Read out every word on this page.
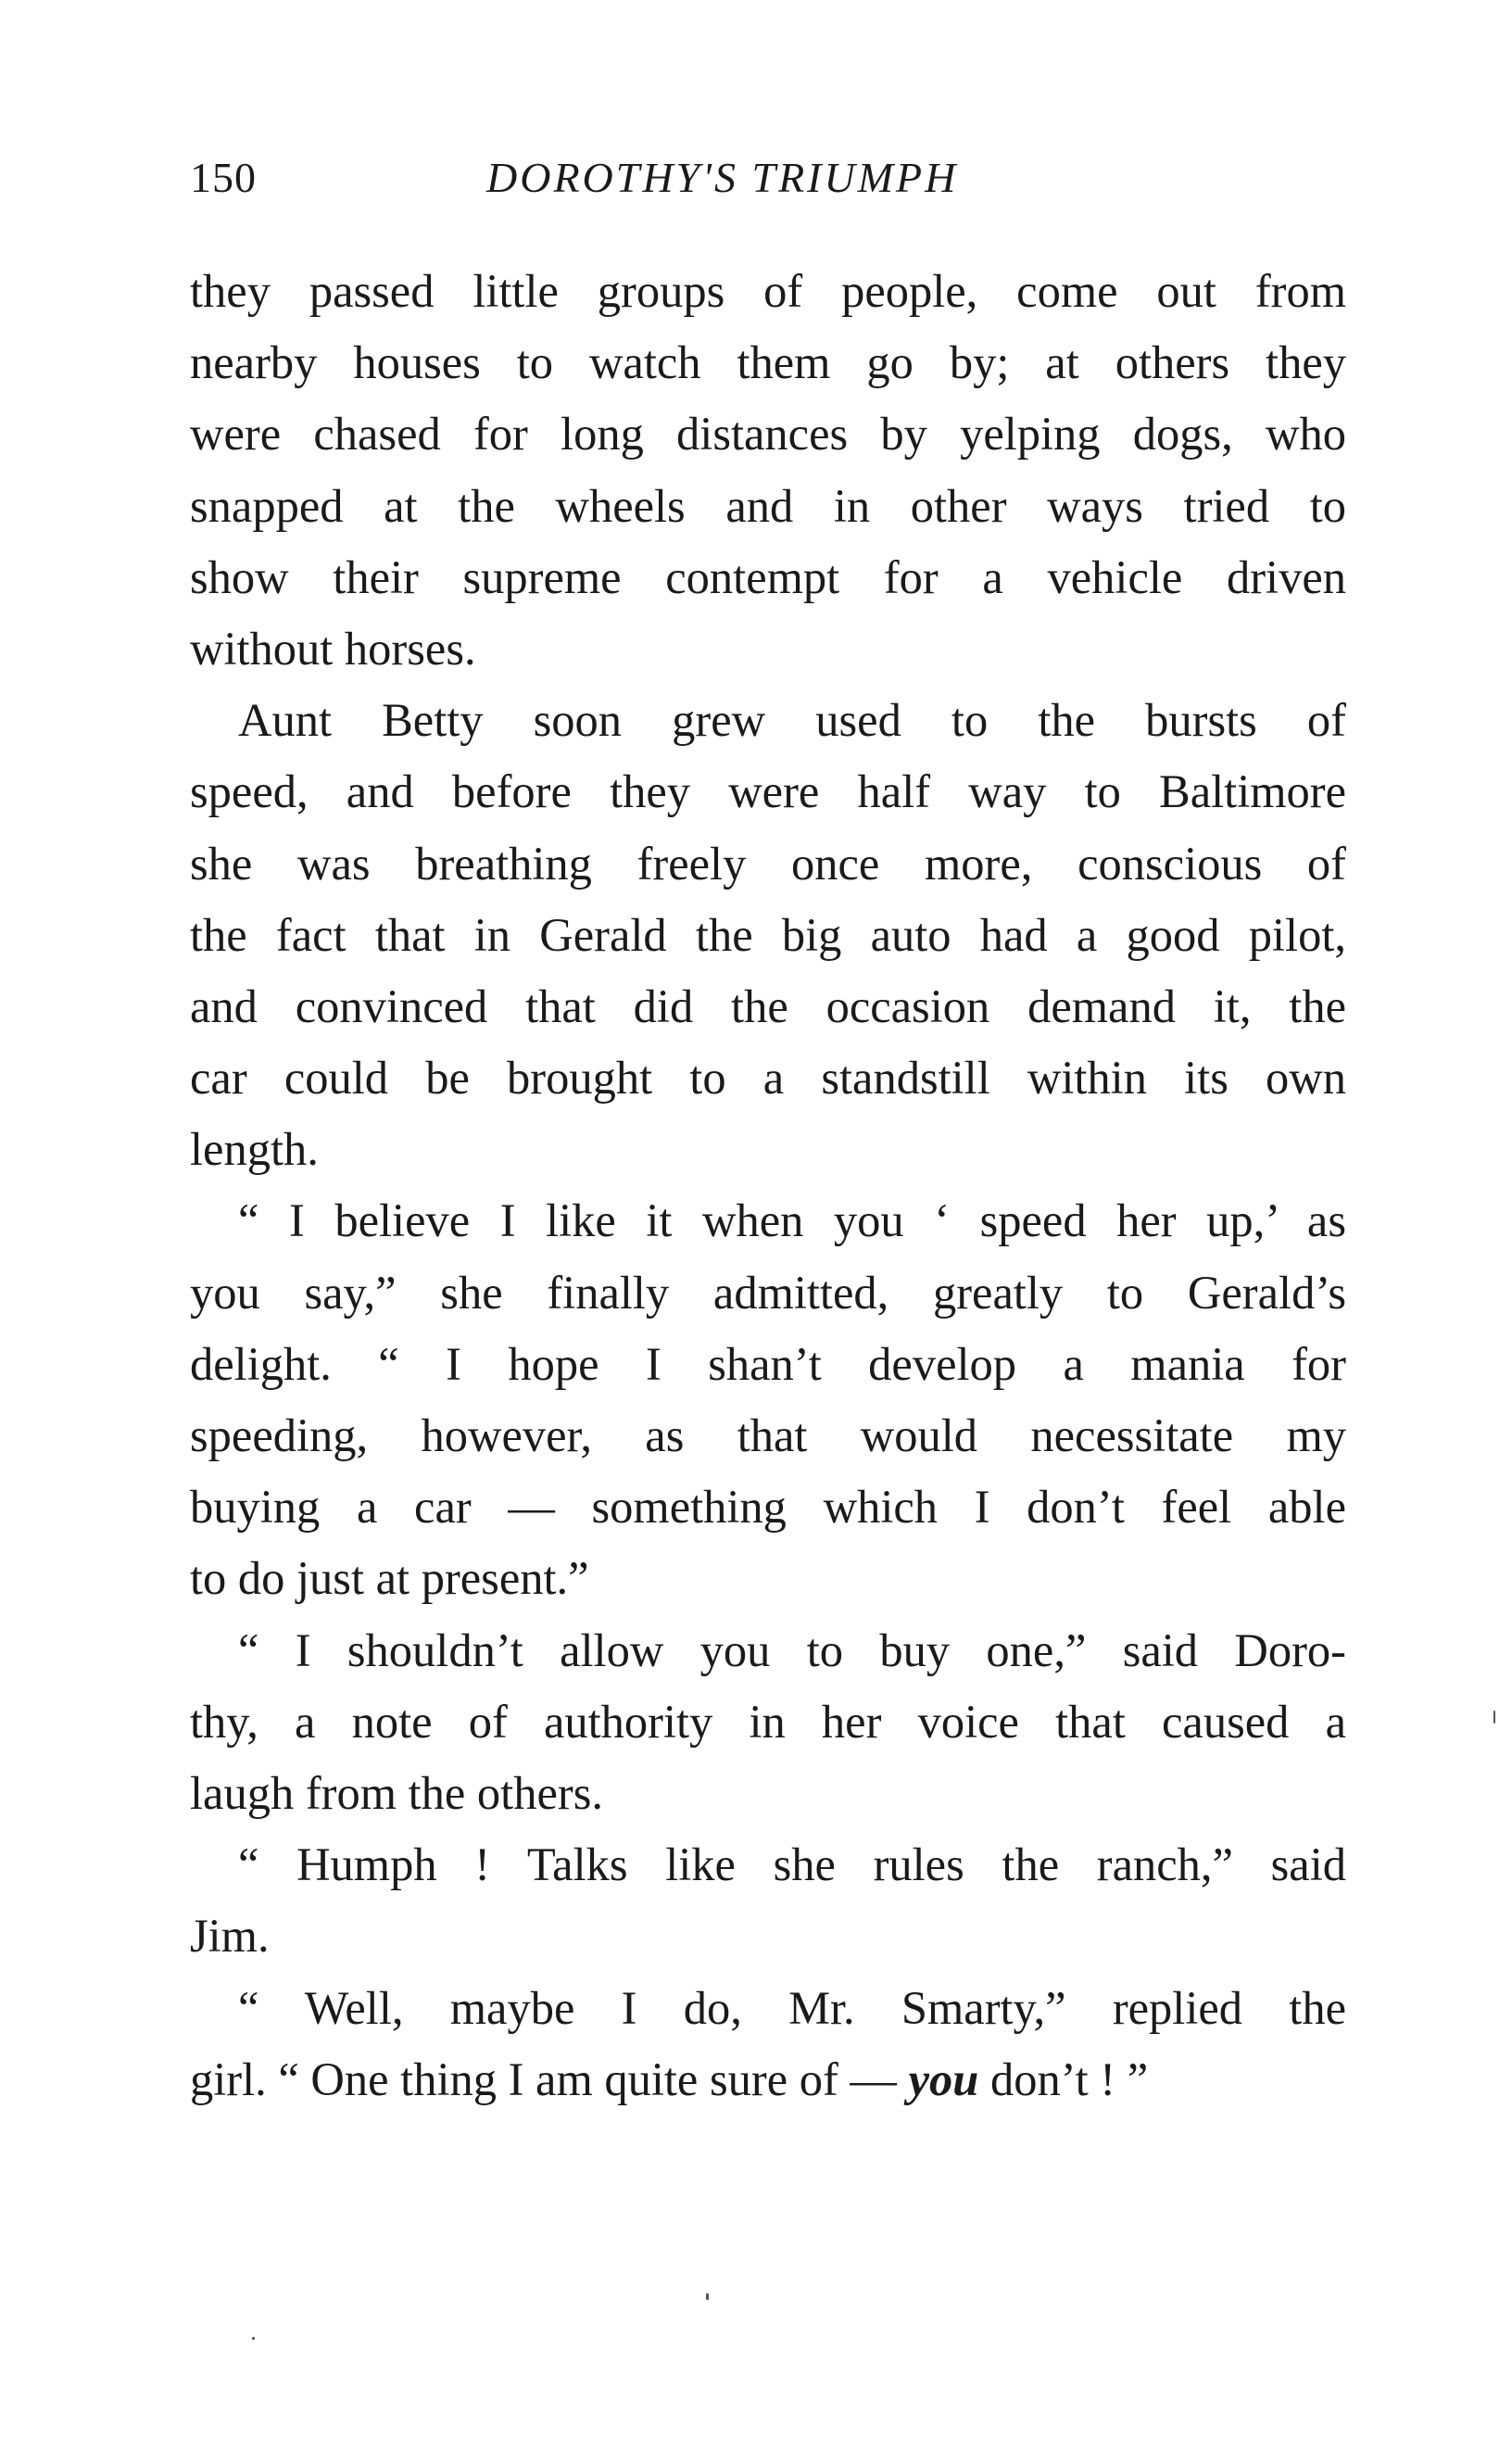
150	DOROTHY'S TRIUMPH
they passed little groups of people, come out from
nearby houses to watch them go by; at others they
were chased for long distances by yelping dogs, who
snapped at the wheels and in other ways tried to
show their supreme contempt for a vehicle driven
without horses.
Aunt Betty soon grew used to the bursts of
speed, and before they were half way to Baltimore
she was breathing freely once more, conscious of
the fact that in Gerald the big auto had a good pilot,
and convinced that did the occasion demand it, the
car could be brought to a standstill within its own
length.
“ I believe I like it when you ‘ speed her up,’ as
you say,” she finally admitted, greatly to Gerald’s
delight. “ I hope I shan’t develop a mania for
speeding, however, as that would necessitate my
buying a car — something which I don’t feel able
to do just at present.”
“ I shouldn’t allow you to buy one,” said Doro-
thy, a note of authority in her voice that caused a
laugh from the others.
“ Humph ! Talks like she rules the ranch,” said
Jim.
“ Well, maybe I do, Mr. Smarty,” replied the
girl. “ One thing I am quite sure of — you don’t ! ”
